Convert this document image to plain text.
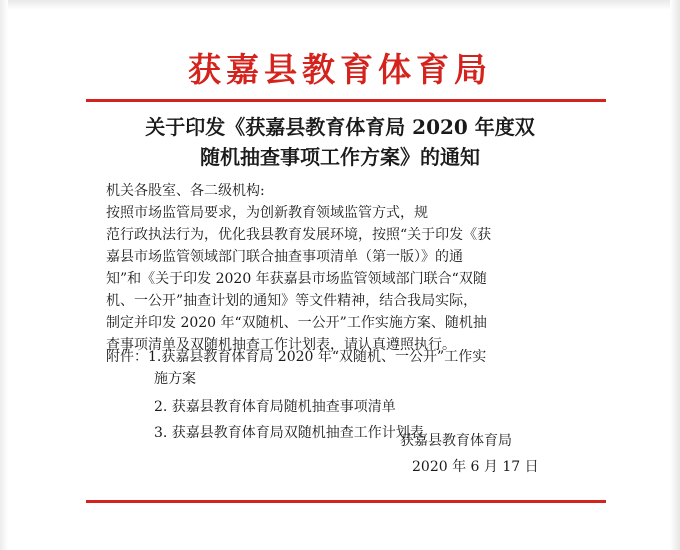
获嘉县教育体育局
关于印发《获嘉县教育体育局 2020 年度双
随机抽查事项工作方案》的通知
机关各股室、各二级机构:
按照市场监管局要求，为创新教育领域监管方式，规
范行政执法行为，优化我县教育发展环境，按照“关于印发《获
嘉县市场监管领域部门联合抽查事项清单（第一版）》的通
知”和《关于印发 2020 年获嘉县市场监管领域部门联合“双随
机、一公开”抽查计划的通知》等文件精神，结合我局实际，
制定并印发 2020 年“双随机、一公开”工作实施方案、随机抽
查事项清单及双随机抽查工作计划表，请认真遵照执行。
附件：1.获嘉县教育体育局 2020 年“双随机、一公开”工作实
施方案
2. 获嘉县教育体育局随机抽查事项清单
3. 获嘉县教育体育局双随机抽查工作计划表
获嘉县教育体育局
2020 年 6 月 17 日
